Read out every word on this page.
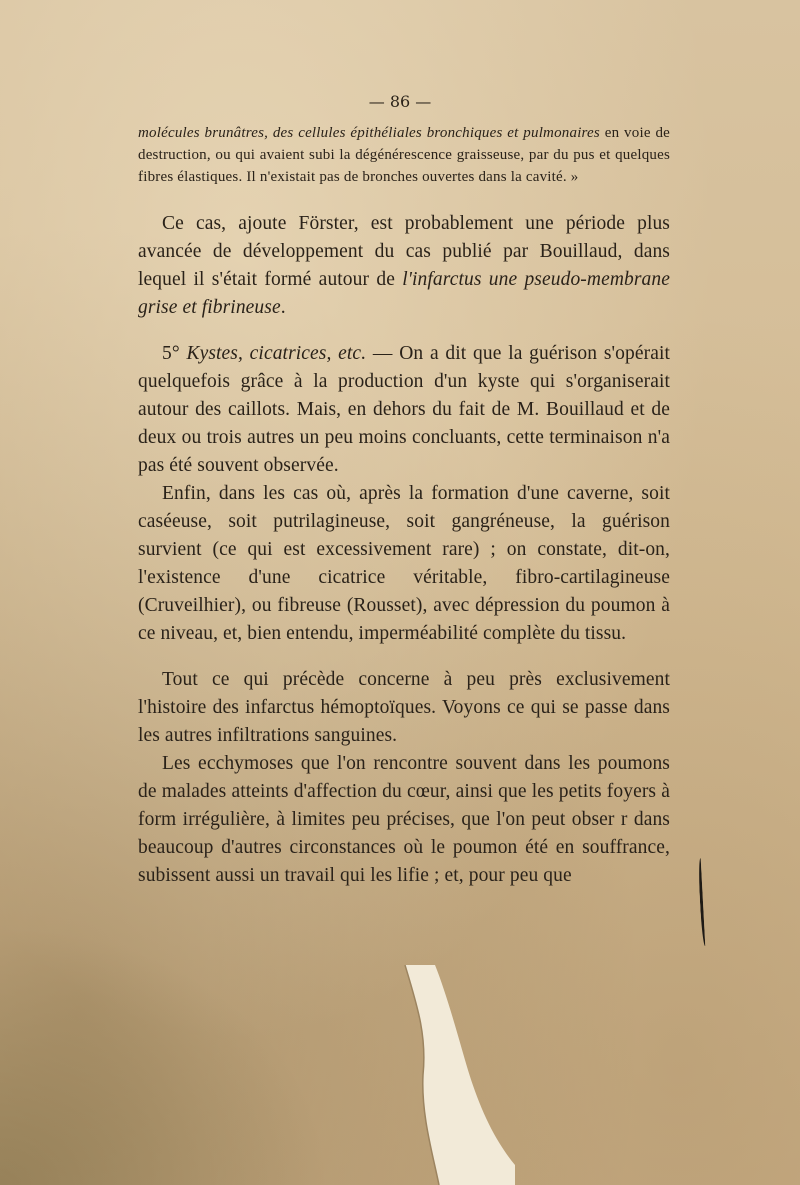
— 86 —

molécules brunâtres, des cellules épithéliales bronchiques et pulmonaires en voie de destruction, ou qui avaient subi la dégénérescence graisseuse, par du pus et quelques fibres élastiques. Il n'existait pas de bronches ouvertes dans la cavité. »

Ce cas, ajoute Förster, est probablement une période plus avancée de développement du cas publié par Bouillaud, dans lequel il s'était formé autour de l'infarctus une pseudo-membrane grise et fibrineuse.

5° Kystes, cicatrices, etc. — On a dit que la guérison s'opérait quelquefois grâce à la production d'un kyste qui s'organiserait autour des caillots. Mais, en dehors du fait de M. Bouillaud et de deux ou trois autres un peu moins concluants, cette terminaison n'a pas été souvent observée.

Enfin, dans les cas où, après la formation d'une caverne, soit caséeuse, soit putrilagineuse, soit gangréneuse, la guérison survient (ce qui est excessivement rare) ; on constate, dit-on, l'existence d'une cicatrice véritable, fibro-cartilagineuse (Cruveilhier), ou fibreuse (Rousset), avec dépression du poumon à ce niveau, et, bien entendu, imperméabilité complète du tissu.

Tout ce qui précède concerne à peu près exclusivement l'histoire des infarctus hémoptoïques. Voyons ce qui se passe dans les autres infiltrations sanguines.

Les ecchymoses que l'on rencontre souvent dans les poumons de malades atteints d'affection du cœur, ainsi que les petits foyers à form irrégulière, à limites peu précises, que l'on peut obser r dans beaucoup d'autres circonstances où le poumon été en souffrance, subissent aussi un travail qui les lifie ; et, pour peu que
